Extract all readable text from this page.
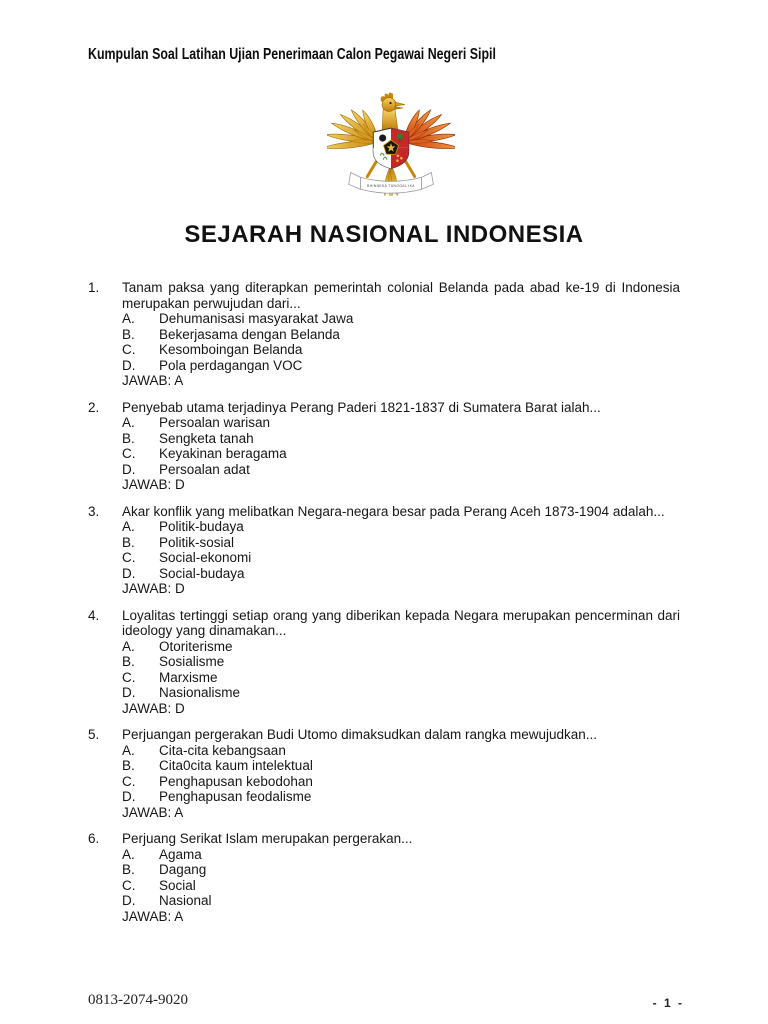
Kumpulan Soal Latihan Ujian Penerimaan Calon Pegawai Negeri Sipil
BHINNEKA TUNGGAL IKA
SEJARAH NASIONAL INDONESIA
1.	Tanam paksa yang diterapkan pemerintah colonial Belanda pada abad ke-19 di Indonesia merupakan perwujudan dari...

A.	Dehumanisasi masyarakat Jawa
B.	Bekerjasama dengan Belanda
C.	Kesomboingan Belanda
D.	Pola perdagangan VOC
JAWAB: A
2.	Penyebab utama terjadinya Perang Paderi 1821-1837 di Sumatera Barat ialah...

A.	Persoalan warisan
B.	Sengketa tanah
C.	Keyakinan beragama
D.	Persoalan adat
JAWAB: D
3.	Akar konflik yang melibatkan Negara-negara besar pada Perang Aceh 1873-1904 adalah...

A.	Politik-budaya
B.	Politik-sosial
C.	Social-ekonomi
D.	Social-budaya
JAWAB: D
4.	Loyalitas tertinggi setiap orang yang diberikan kepada Negara merupakan pencerminan dari ideology yang dinamakan...

A.	Otoriterisme
B.	Sosialisme
C.	Marxisme
D.	Nasionalisme
JAWAB: D
5.	Perjuangan pergerakan Budi Utomo dimaksudkan dalam rangka mewujudkan...

A.	Cita-cita kebangsaan
B.	Cita0cita kaum intelektual
C.	Penghapusan kebodohan
D.	Penghapusan feodalisme
JAWAB: A
6.	Perjuang Serikat Islam merupakan pergerakan...

A.	Agama
B.	Dagang
C.	Social
D.	Nasional
JAWAB: A
0813-2074-9020	- 1 -
